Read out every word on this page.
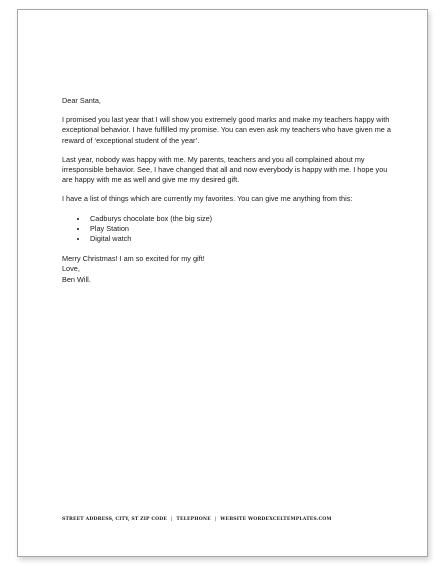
Dear Santa,

I promised you last year that I will show you extremely good marks and make my teachers happy with exceptional behavior. I have fulfilled my promise. You can even ask my teachers who have given me a reward of ‘exceptional student of the year’.

Last year, nobody was happy with me. My parents, teachers and you all complained about my irresponsible behavior. See, I have changed that all and now everybody is happy with me. I hope you are happy with me as well and give me my desired gift.

I have a list of things which are currently my favorites. You can give me anything from this:

• Cadburys chocolate box (the big size)
• Play Station
• Digital watch

Merry Christmas! I am so excited for my gift!

Love,

Ben Will.

STREET ADDRESS, CITY, ST ZIP CODE | TELEPHONE | WEBSITE WORDEXCELTEMPLATES.COM
